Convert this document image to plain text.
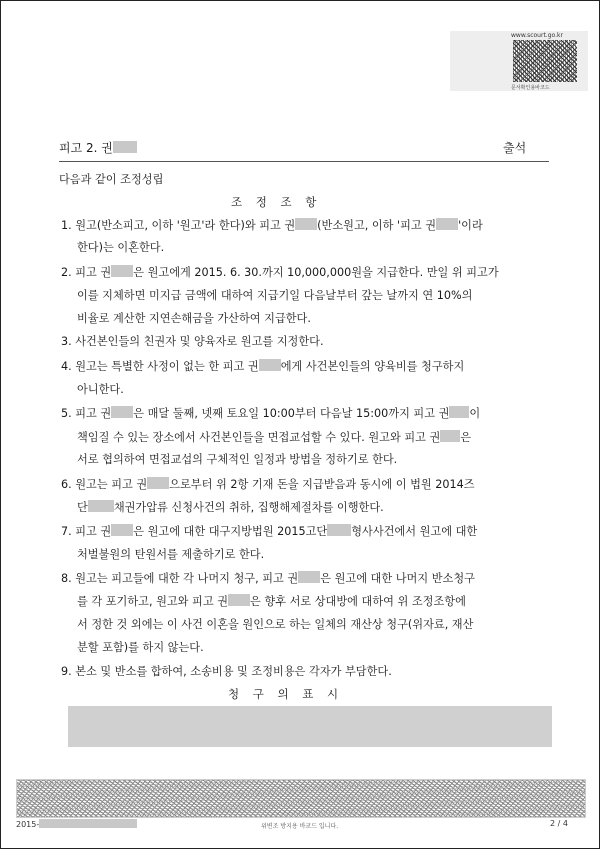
www.scourt.go.kr
문서확인용바코드
피고 2. 권	출석
다음과 같이 조정성립
조 정 조 항
1. 원고(반소피고, 이하 '원고'라 한다)와 피고 권 (반소원고, 이하 '피고 권 '이라
한다)는 이혼한다.
2. 피고 권 은 원고에게 2015. 6. 30.까지 10,000,000원을 지급한다. 만일 위 피고가
이를 지체하면 미지급 금액에 대하여 지급기일 다음날부터 갚는 날까지 연 10%의
비율로 계산한 지연손해금을 가산하여 지급한다.
3. 사건본인들의 친권자 및 양육자로 원고를 지정한다.
4. 원고는 특별한 사정이 없는 한 피고 권 에게 사건본인들의 양육비를 청구하지
아니한다.
5. 피고 권 은 매달 둘째, 넷째 토요일 10:00부터 다음날 15:00까지 피고 권 이
책임질 수 있는 장소에서 사건본인들을 면접교섭할 수 있다. 원고와 피고 권 은
서로 협의하여 면접교섭의 구체적인 일정과 방법을 정하기로 한다.
6. 원고는 피고 권 으로부터 위 2항 기재 돈을 지급받음과 동시에 이 법원 2014즈
단 채권가압류 신청사건의 취하, 집행해제절차를 이행한다.
7. 피고 권 은 원고에 대한 대구지방법원 2015고단 형사사건에서 원고에 대한
처벌불원의 탄원서를 제출하기로 한다.
8. 원고는 피고들에 대한 각 나머지 청구, 피고 권 은 원고에 대한 나머지 반소청구
를 각 포기하고, 원고와 피고 권 은 향후 서로 상대방에 대하여 위 조정조항에
서 정한 것 외에는 이 사건 이혼을 원인으로 하는 일체의 재산상 청구(위자료, 재산
분할 포함)를 하지 않는다.
9. 본소 및 반소를 합하여, 소송비용 및 조정비용은 각자가 부담한다.
청 구 의 표 시
2015-	위변조 방지용 바코드 입니다.	2 / 4
